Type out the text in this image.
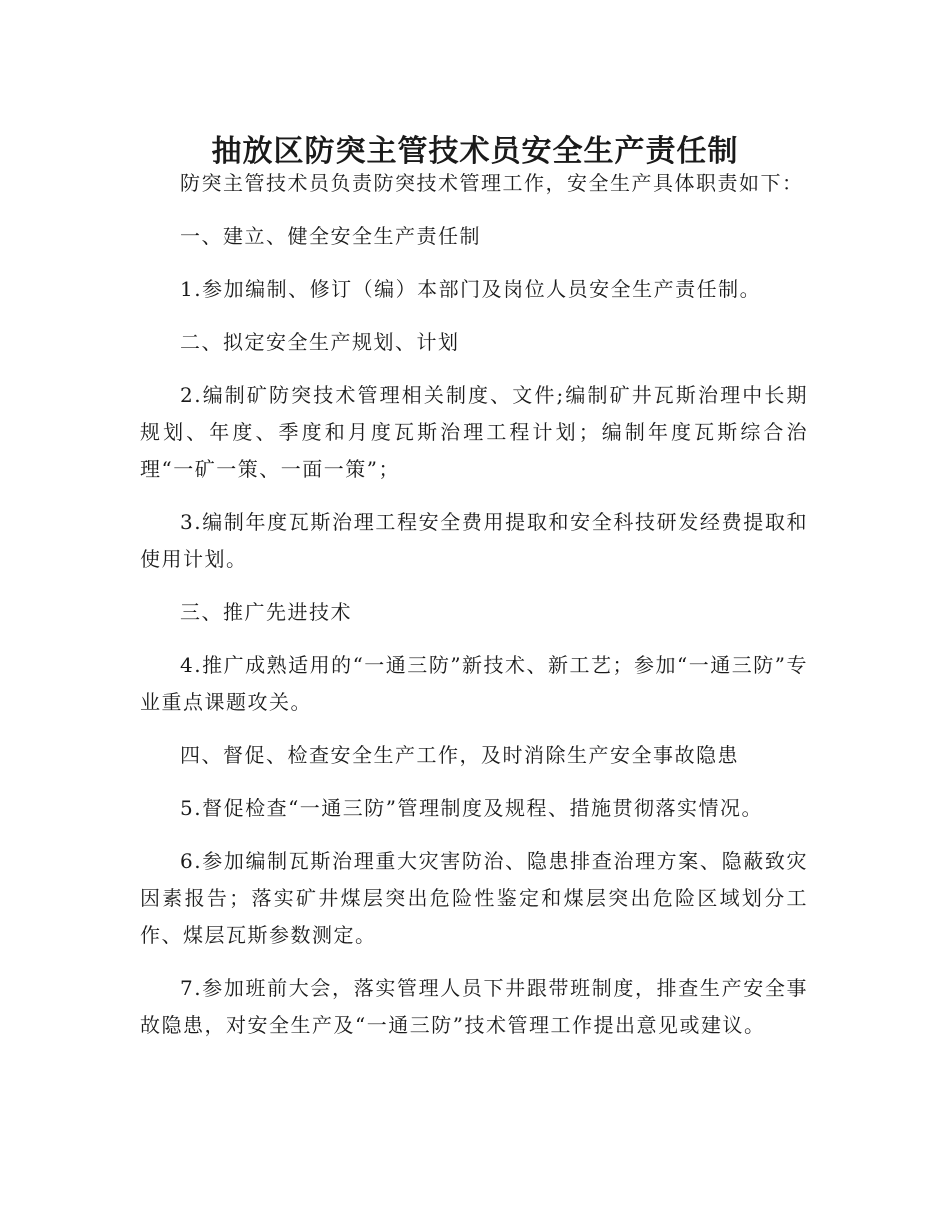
抽放区防突主管技术员安全生产责任制

防突主管技术员负责防突技术管理工作，安全生产具体职责如下：

一、建立、健全安全生产责任制

1.参加编制、修订（编）本部门及岗位人员安全生产责任制。

二、拟定安全生产规划、计划

2.编制矿防突技术管理相关制度、文件;编制矿井瓦斯治理中长期规划、年度、季度和月度瓦斯治理工程计划；编制年度瓦斯综合治理“一矿一策、一面一策”；

3.编制年度瓦斯治理工程安全费用提取和安全科技研发经费提取和使用计划。

三、推广先进技术

4.推广成熟适用的“一通三防”新技术、新工艺；参加“一通三防”专业重点课题攻关。

四、督促、检查安全生产工作，及时消除生产安全事故隐患

5.督促检查“一通三防”管理制度及规程、措施贯彻落实情况。

6.参加编制瓦斯治理重大灾害防治、隐患排查治理方案、隐蔽致灾因素报告；落实矿井煤层突出危险性鉴定和煤层突出危险区域划分工作、煤层瓦斯参数测定。

7.参加班前大会，落实管理人员下井跟带班制度，排查生产安全事故隐患，对安全生产及“一通三防”技术管理工作提出意见或建议。
